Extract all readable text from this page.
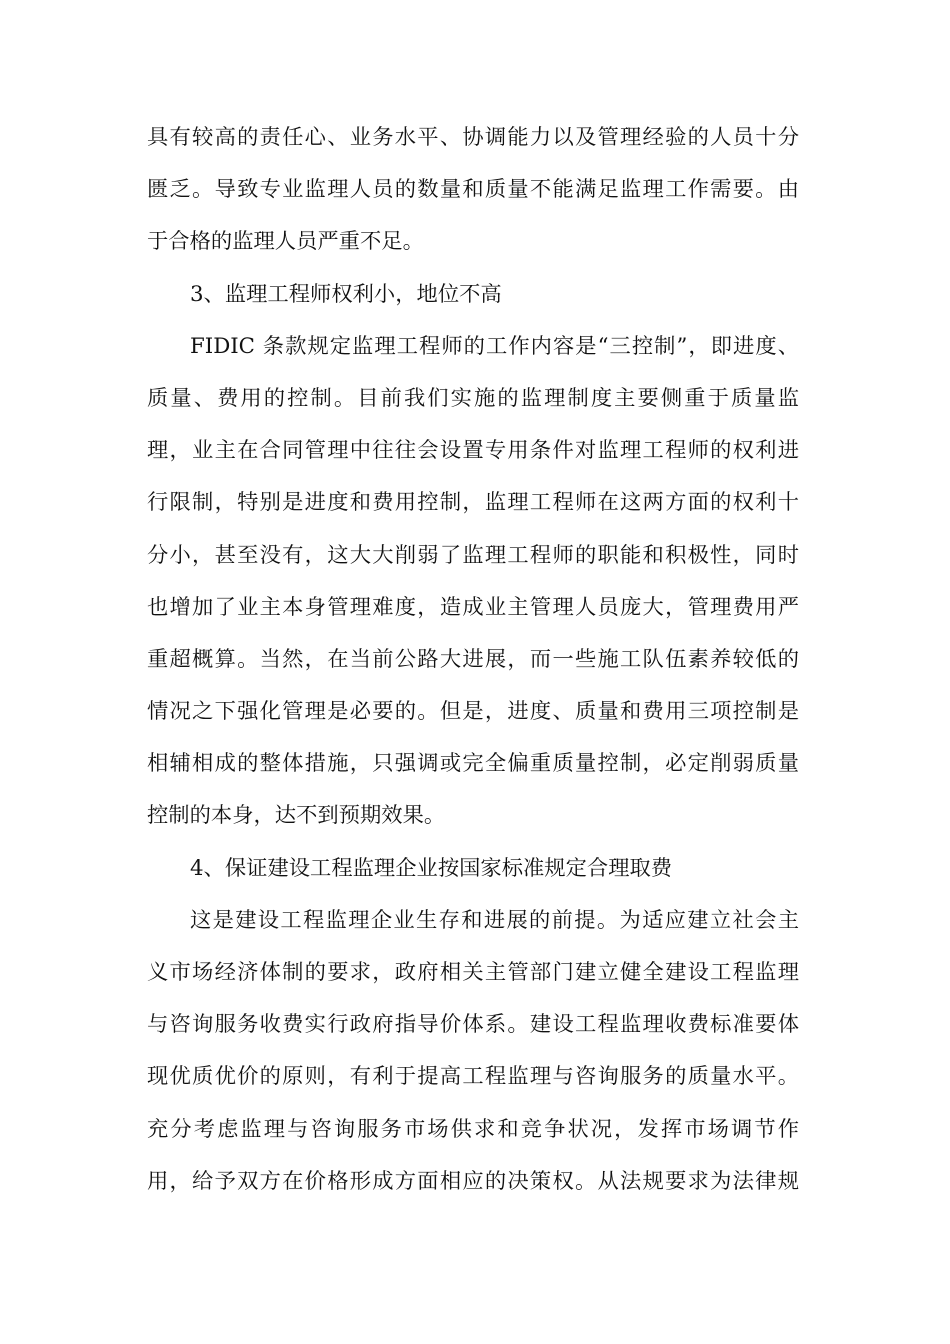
具有较高的责任心、业务水平、协调能力以及管理经验的人员十分
匮乏。导致专业监理人员的数量和质量不能满足监理工作需要。由
于合格的监理人员严重不足。
3、监理工程师权利小，地位不高
FIDIC 条款规定监理工程师的工作内容是“三控制”，即进度、
质量、费用的控制。目前我们实施的监理制度主要侧重于质量监
理，业主在合同管理中往往会设置专用条件对监理工程师的权利进
行限制，特别是进度和费用控制，监理工程师在这两方面的权利十
分小，甚至没有，这大大削弱了监理工程师的职能和积极性，同时
也增加了业主本身管理难度，造成业主管理人员庞大，管理费用严
重超概算。当然，在当前公路大进展，而一些施工队伍素养较低的
情况之下强化管理是必要的。但是，进度、质量和费用三项控制是
相辅相成的整体措施，只强调或完全偏重质量控制，必定削弱质量
控制的本身，达不到预期效果。
4、保证建设工程监理企业按国家标准规定合理取费
这是建设工程监理企业生存和进展的前提。为适应建立社会主
义市场经济体制的要求，政府相关主管部门建立健全建设工程监理
与咨询服务收费实行政府指导价体系。建设工程监理收费标准要体
现优质优价的原则，有利于提高工程监理与咨询服务的质量水平。
充分考虑监理与咨询服务市场供求和竞争状况，发挥市场调节作
用，给予双方在价格形成方面相应的决策权。从法规要求为法律规
